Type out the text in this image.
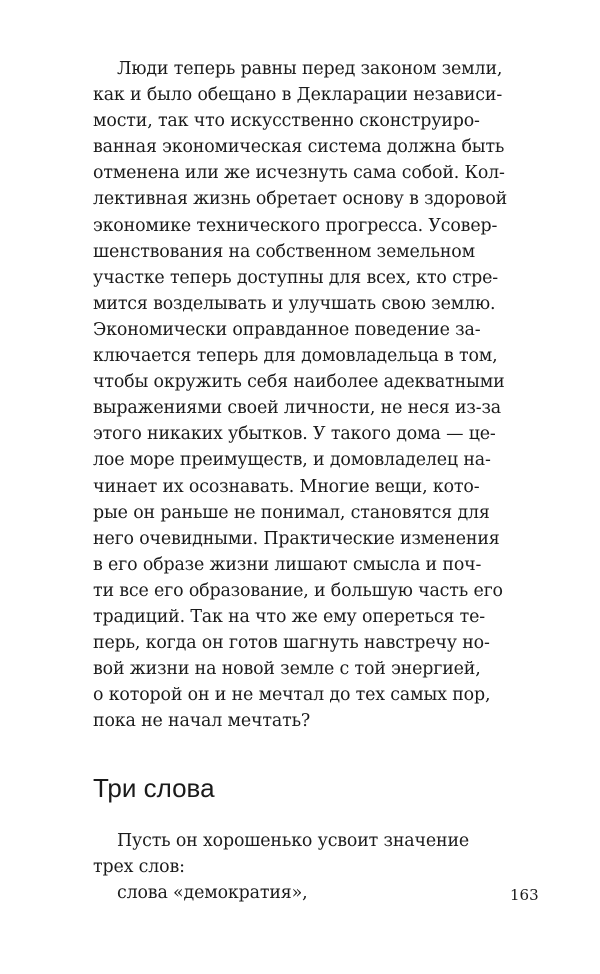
Люди теперь равны перед законом земли,
как и было обещано в Декларации независи-
мости, так что искусственно сконструиро-
ванная экономическая система должна быть
отменена или же исчезнуть сама собой. Кол-
лективная жизнь обретает основу в здоровой
экономике технического прогресса. Усовер-
шенствования на собственном земельном
участке теперь доступны для всех, кто стре-
мится возделывать и улучшать свою землю.
Экономически оправданное поведение за-
ключается теперь для домовладельца в том,
чтобы окружить себя наиболее адекватными
выражениями своей личности, не неся из-за
этого никаких убытков. У такого дома — це-
лое море преимуществ, и домовладелец на-
чинает их осознавать. Многие вещи, кото-
рые он раньше не понимал, становятся для
него очевидными. Практические изменения
в его образе жизни лишают смысла и поч-
ти все его образование, и большую часть его
традиций. Так на что же ему опереться те-
перь, когда он готов шагнуть навстречу но-
вой жизни на новой земле с той энергией,
о которой он и не мечтал до тех самых пор,
пока не начал мечтать?
Три слова
Пусть он хорошенько усвоит значение
трех слов:
слова «демократия»,	163
